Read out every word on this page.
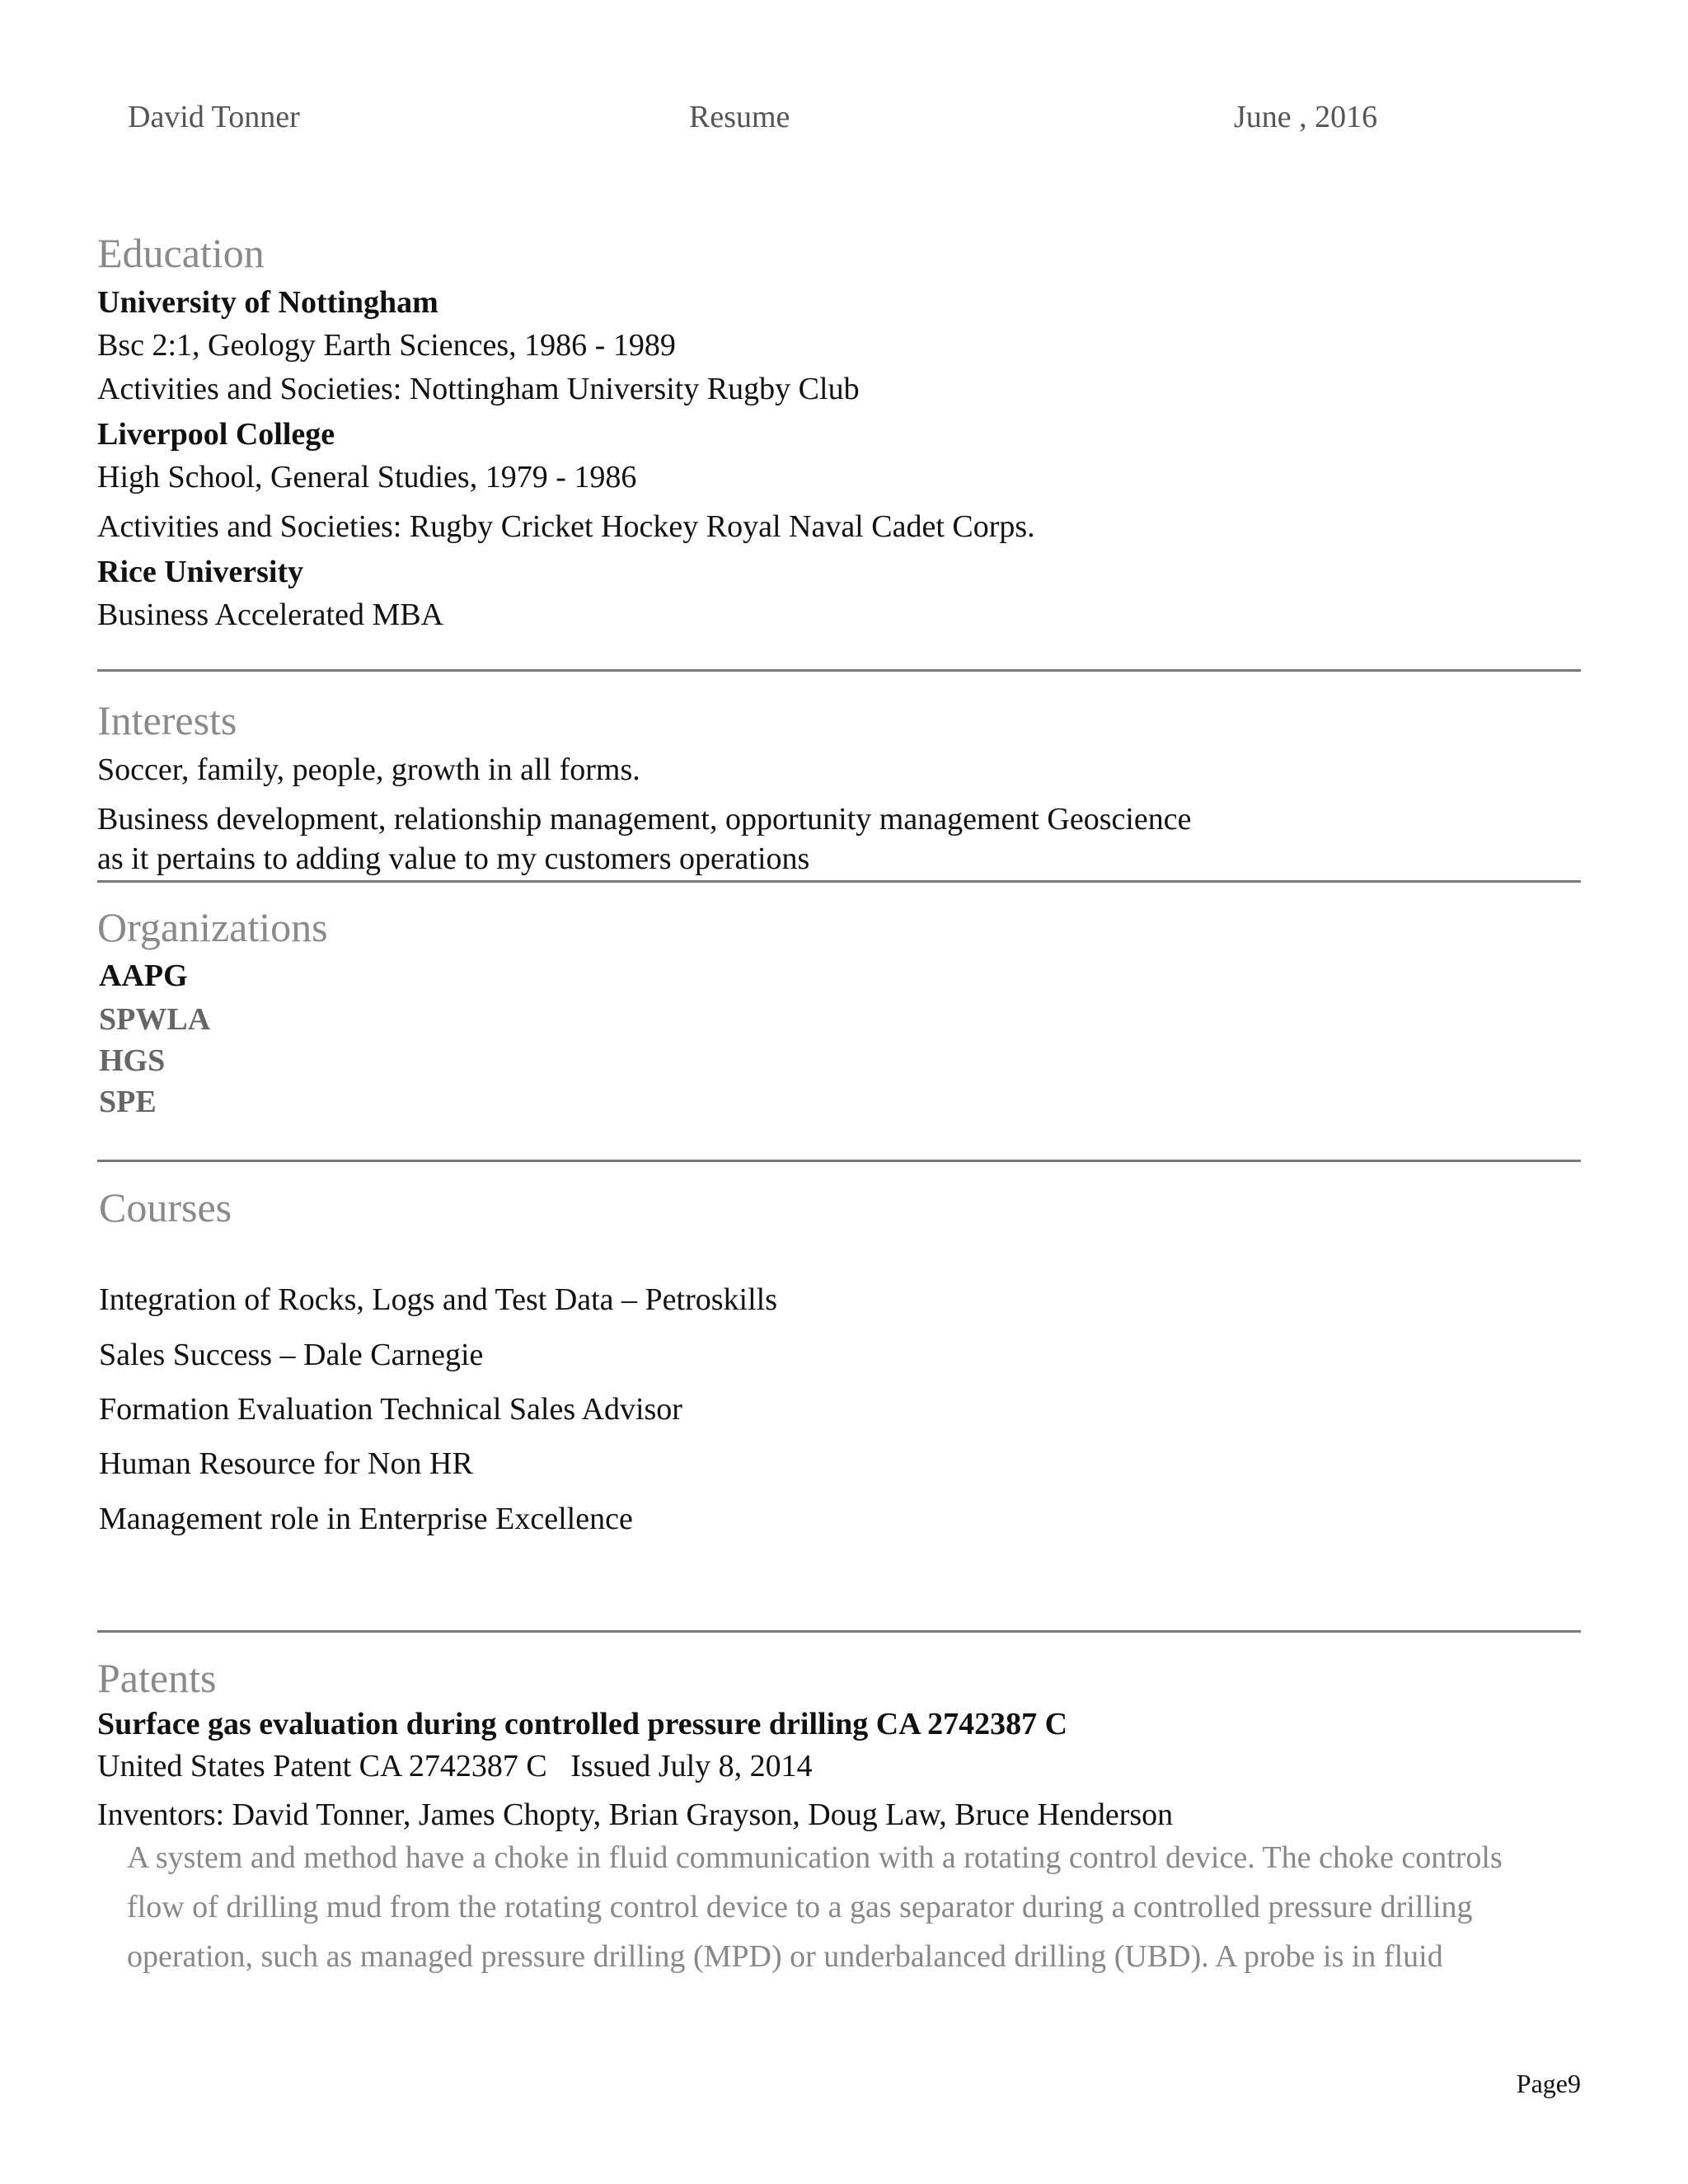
David Tonner	Resume	June , 2016
Education
University of Nottingham
Bsc 2:1, Geology Earth Sciences, 1986 - 1989
Activities and Societies: Nottingham University Rugby Club
Liverpool College
High School, General Studies, 1979 - 1986
Activities and Societies: Rugby Cricket Hockey Royal Naval Cadet Corps.
Rice University
Business Accelerated MBA
Interests
Soccer, family, people, growth in all forms.
Business development, relationship management, opportunity management Geoscience
as it pertains to adding value to my customers operations
Organizations
AAPG
SPWLA
HGS
SPE
Courses
Integration of Rocks, Logs and Test Data – Petroskills
Sales Success – Dale Carnegie
Formation Evaluation Technical Sales Advisor
Human Resource for Non HR
Management role in Enterprise Excellence
Patents
Surface gas evaluation during controlled pressure drilling CA 2742387 C
United States Patent CA 2742387 C   Issued July 8, 2014
Inventors: David Tonner, James Chopty, Brian Grayson, Doug Law, Bruce Henderson
A system and method have a choke in fluid communication with a rotating control device. The choke controls
flow of drilling mud from the rotating control device to a gas separator during a controlled pressure drilling
operation, such as managed pressure drilling (MPD) or underbalanced drilling (UBD). A probe is in fluid
Page9
